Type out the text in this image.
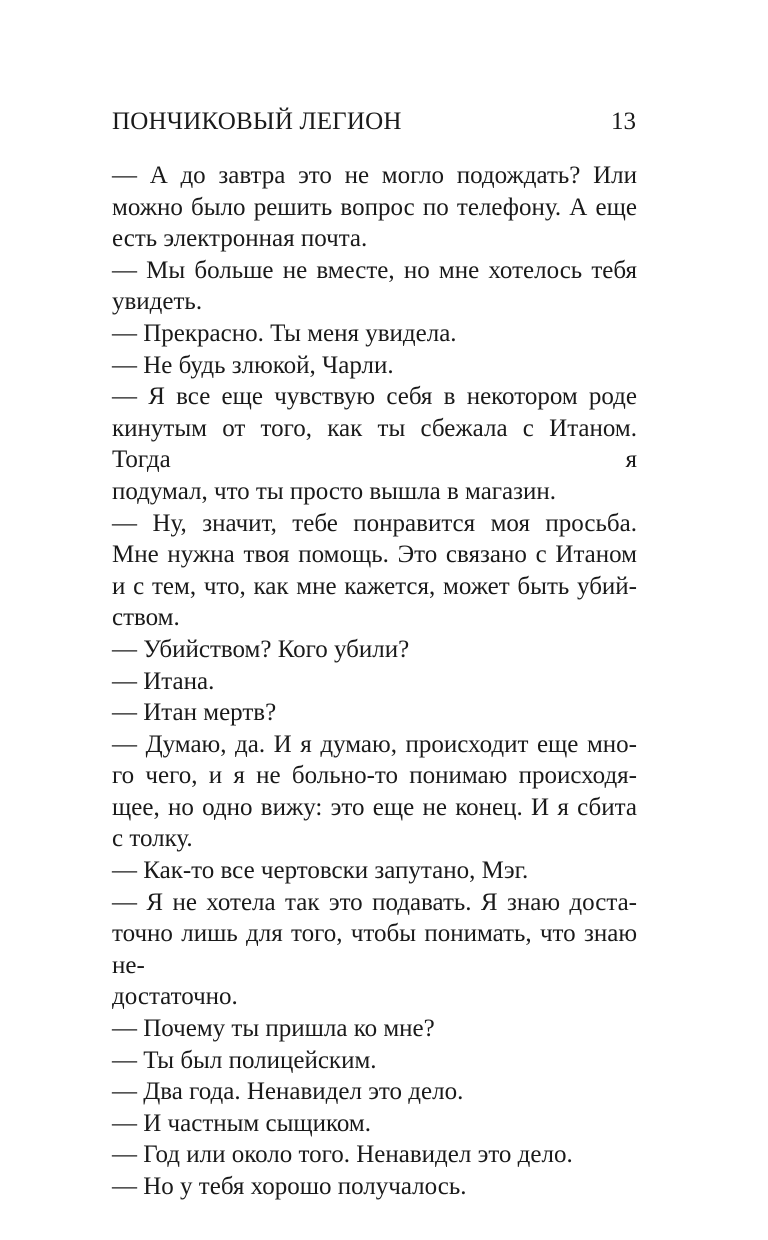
ПОНЧИКОВЫЙ ЛЕГИОН	13
— А до завтра это не могло подождать? Или
можно было решить вопрос по телефону. А еще
есть электронная почта.
— Мы больше не вместе, но мне хотелось тебя
увидеть.
— Прекрасно. Ты меня увидела.
— Не будь злюкой, Чарли.
— Я все еще чувствую себя в некотором роде
кинутым от того, как ты сбежала с Итаном. Тогда я
подумал, что ты просто вышла в магазин.
— Ну, значит, тебе понравится моя просьба.
Мне нужна твоя помощь. Это связано с Итаном
и с тем, что, как мне кажется, может быть убий-
ством.
— Убийством? Кого убили?
— Итана.
— Итан мертв?
— Думаю, да. И я думаю, происходит еще мно-
го чего, и я не больно-то понимаю происходя-
щее, но одно вижу: это еще не конец. И я сбита
с толку.
— Как-то все чертовски запутано, Мэг.
— Я не хотела так это подавать. Я знаю доста-
точно лишь для того, чтобы понимать, что знаю не-
достаточно.
— Почему ты пришла ко мне?
— Ты был полицейским.
— Два года. Ненавидел это дело.
— И частным сыщиком.
— Год или около того. Ненавидел это дело.
— Но у тебя хорошо получалось.
